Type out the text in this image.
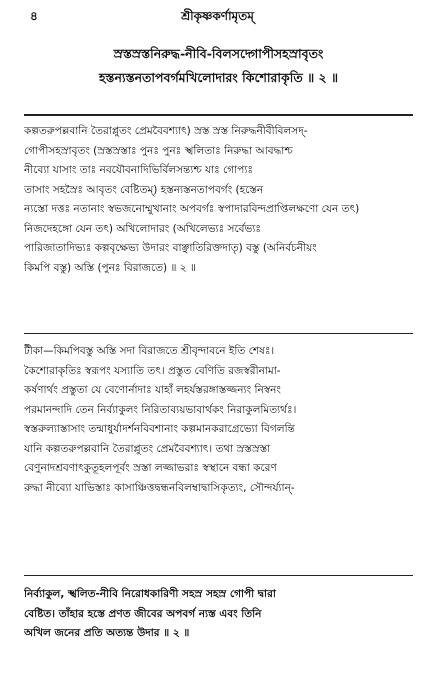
৪	শ্রীকৃষ্ণকর্ণামৃতম্‌
স্রস্তস্রস্তনিরুদ্ধ-নীবি-বিলসদ্গোপীসহস্রাবৃতং
হস্তন্যস্তনতাপবর্গমখিলোদারং কিশোরাকৃতি ॥ ২ ॥
কল্পতরুপল্লবানি তৈরাপ্লুতং প্রেমবৈবশ্যাৎ) স্রস্ত স্রস্ত নিরুদ্ধনীবীবিলসদ্-
গোপীসহস্রাবৃতং (স্রস্তস্রস্তাঃ পুনঃ পুনঃ স্খলিতাঃ নিরুদ্ধা আবদ্ধাশ্চ
নীব্যো যাসাং তাঃ নবযৌবনাদিভির্বিলসন্ত্যশ্চ যাঃ গোপ্যঃ
তাসাং সহস্রৈঃ আবৃতং বেষ্টিতম্) হস্তন্যস্তনতাপবর্গং (হস্তেন
ন্যস্তো দত্তঃ নতানাং স্বভজনোম্মুখানাং অপবর্গঃ স্বপাদারবিন্দপ্রাপ্তিলক্ষণো যেন তৎ)
নিজদেহঙ্গো যেন তৎ) অখিলোদারং (অখিলেভ্যঃ সর্বেভ্যঃ
পারিজাতাদিভ্যঃ কল্পবৃক্ষেভ্য উদারং বাঞ্ছাতিরিক্তদাতৃ) বস্তু (অনির্বচনীয়ং
কিমপি বস্তু) অস্তি (পুনঃ বিরাজতে) ॥ ২ ॥
টীকা—কিমপিবস্তু অস্তি সদা বিরাজতে শ্রীবৃন্দাবনে ইতি শেষঃ।
কৈশোরাকৃতিঃ স্বরূপং যস্যাতি তৎ। প্রস্তুত বেণিতি রজস্বরীনামা-
কর্ষণার্থং প্রস্তুতা যে বেণোর্নাদাঃ যাহাঁ লহর্যস্তরঙ্গাস্তজ্জন্যং নিস্বনং
পরমানন্দাদি তেন নির্ব্যাকুলং নিরিতাব্যয়ভাবার্থকং নিরাকুলমিত্যর্থঃ।
স্বস্তরুল্যাস্তাসাং তন্মাধুর্যাদর্শনবিবশানাং কল্পমানকরাগ্রেভ্যো বিগলন্তি
যানি কল্পতরুপল্লবানি তৈরাপ্লুতং প্রেমবৈবশ্যাৎ। তথা স্রস্তস্রস্তা
বেণুনাদশ্রবণাৎকুতূহলপূর্বং স্রস্তা লজ্জাভরাঃ স্বস্থানে বন্ধা করেণ
রুদ্ধা নীব্যো যাভিস্তাঃ কাসাঞ্চিত্তদ্বন্ধনবিলম্বাদ্বাসিকৃত্যং, সৌন্দর্য্যান্-
নির্ব্যাকুল, স্খলিত-নীবি নিরোধকারিণী সহস্র সহস্র গোপী দ্বারা
বেষ্টিত। তাঁহার হস্তে প্রণত জীবের অপবর্গ ন্যস্ত এবং তিনি
অখিল জনের প্রতি অত্যন্ত উদার ॥ ২ ॥
